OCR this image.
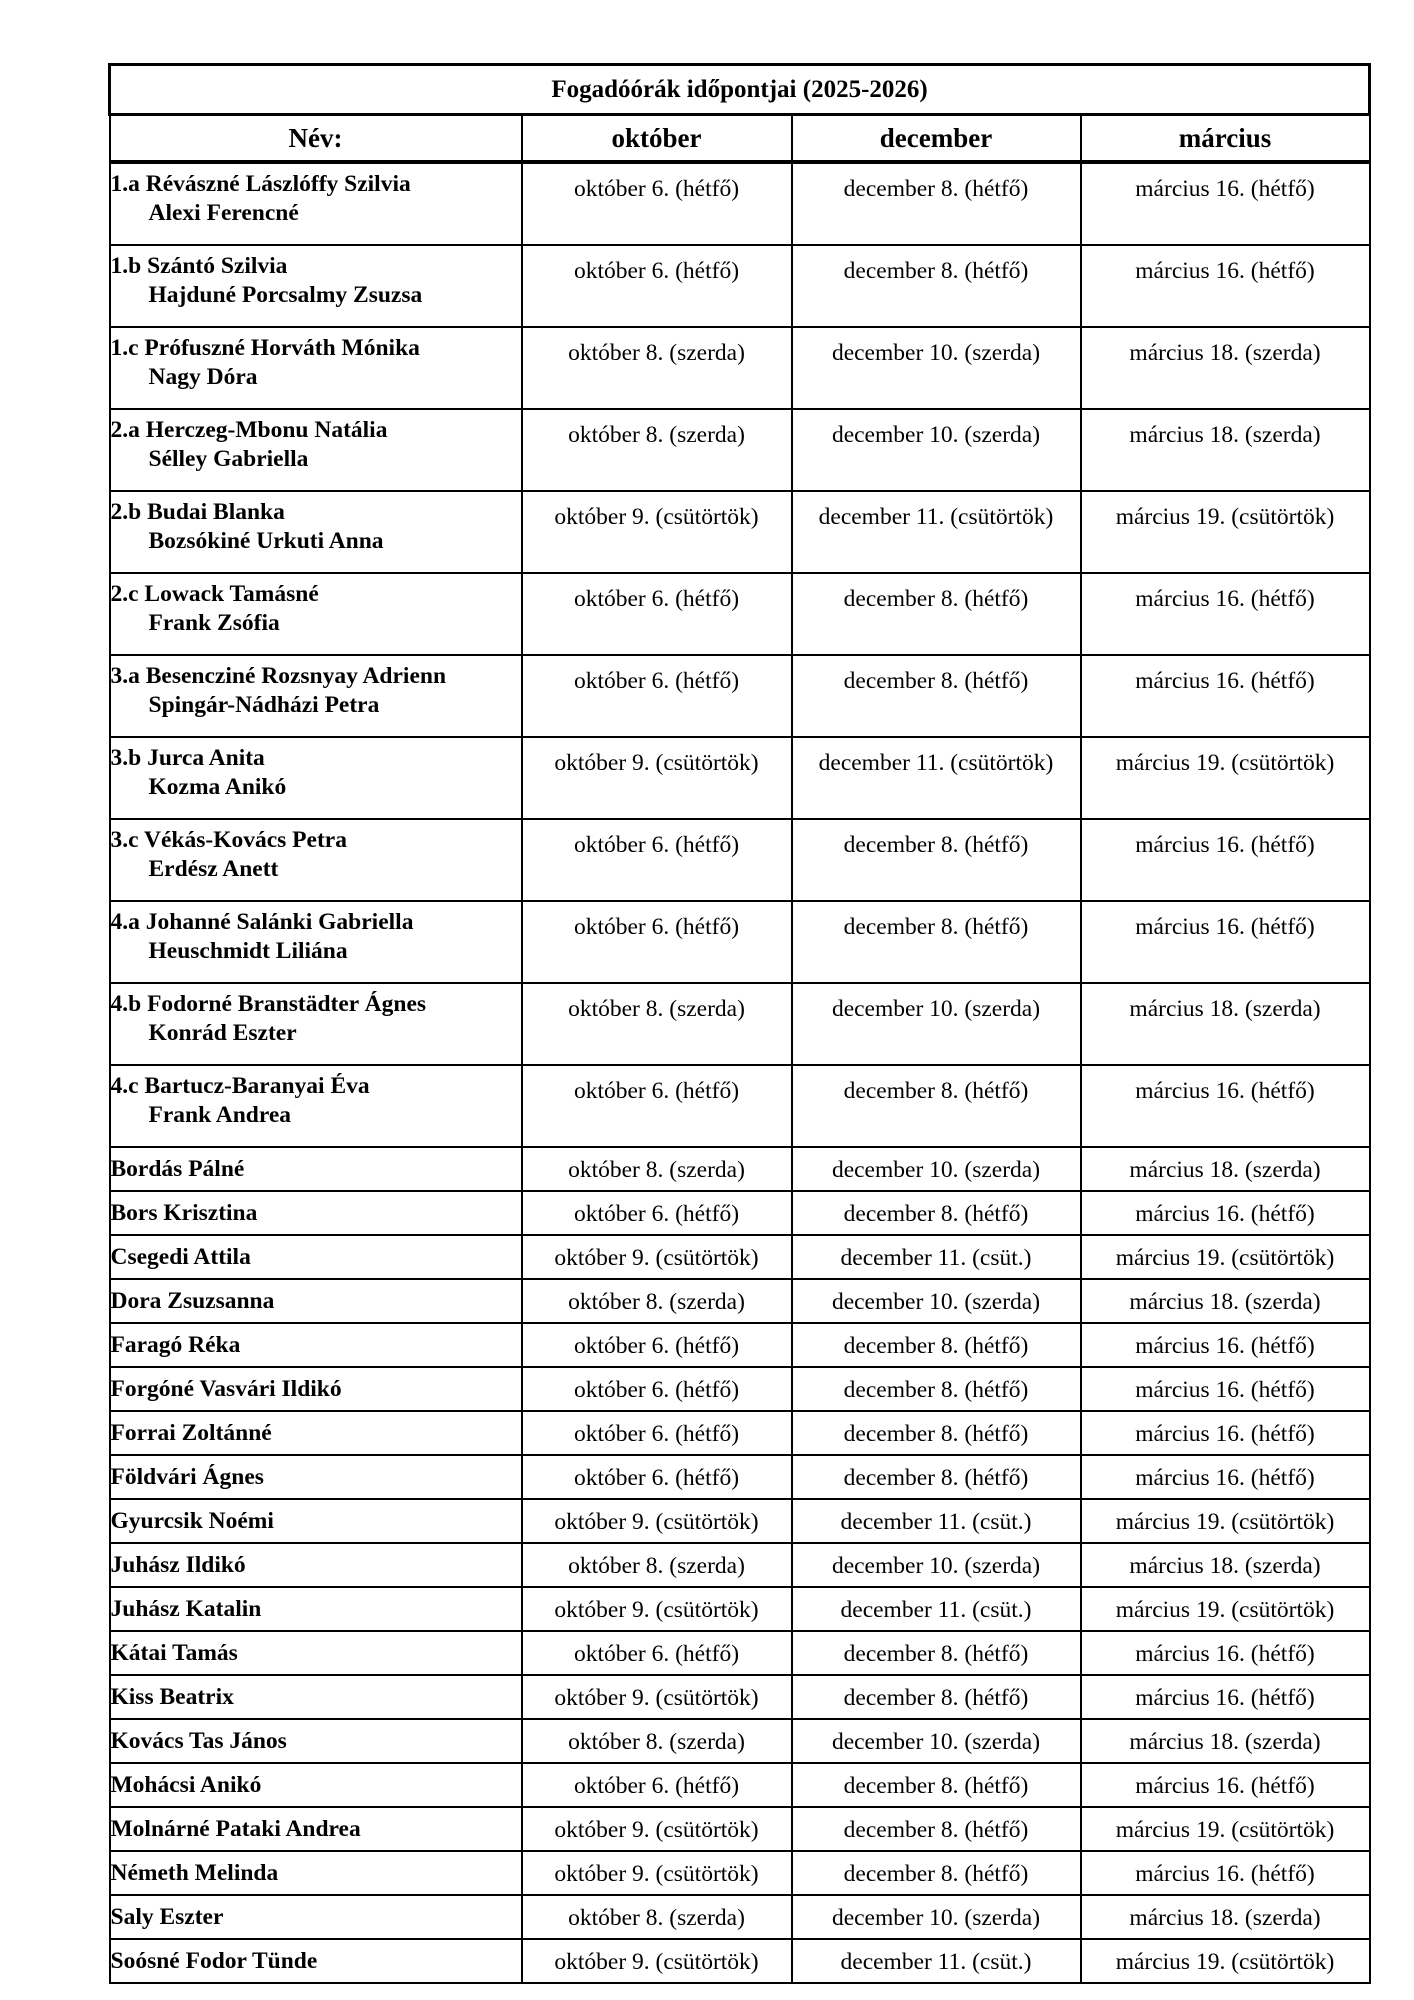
Fogadóórák időpontjai (2025-2026)			
Név:	október	december	március
1.a Révászné Lászlóffy Szilvia
Alexi Ferencné	október 6. (hétfő)	december 8. (hétfő)	március 16. (hétfő)
1.b Szántó Szilvia
Hajduné Porcsalmy Zsuzsa	október 6. (hétfő)	december 8. (hétfő)	március 16. (hétfő)
1.c Prófuszné Horváth Mónika
Nagy Dóra	október 8. (szerda)	december 10. (szerda)	március 18. (szerda)
2.a Herczeg-Mbonu Natália
Sélley Gabriella	október 8. (szerda)	december 10. (szerda)	március 18. (szerda)
2.b Budai Blanka
Bozsókiné Urkuti Anna	október 9. (csütörtök)	december 11. (csütörtök)	március 19. (csütörtök)
2.c Lowack Tamásné
Frank Zsófia	október 6. (hétfő)	december 8. (hétfő)	március 16. (hétfő)
3.a Besencziné Rozsnyay Adrienn
Spingár-Nádházi Petra	október 6. (hétfő)	december 8. (hétfő)	március 16. (hétfő)
3.b Jurca Anita
Kozma Anikó	október 9. (csütörtök)	december 11. (csütörtök)	március 19. (csütörtök)
3.c Vékás-Kovács Petra
Erdész Anett	október 6. (hétfő)	december 8. (hétfő)	március 16. (hétfő)
4.a Johanné Salánki Gabriella
Heuschmidt Liliána	október 6. (hétfő)	december 8. (hétfő)	március 16. (hétfő)
4.b Fodorné Branstädter Ágnes
Konrád Eszter	október 8. (szerda)	december 10. (szerda)	március 18. (szerda)
4.c Bartucz-Baranyai Éva
Frank Andrea	október 6. (hétfő)	december 8. (hétfő)	március 16. (hétfő)
Bordás Pálné	október 8. (szerda)	december 10. (szerda)	március 18. (szerda)
Bors Krisztina	október 6. (hétfő)	december 8. (hétfő)	március 16. (hétfő)
Csegedi Attila	október 9. (csütörtök)	december 11. (csüt.)	március 19. (csütörtök)
Dora Zsuzsanna	október 8. (szerda)	december 10. (szerda)	március 18. (szerda)
Faragó Réka	október 6. (hétfő)	december 8. (hétfő)	március 16. (hétfő)
Forgóné Vasvári Ildikó	október 6. (hétfő)	december 8. (hétfő)	március 16. (hétfő)
Forrai Zoltánné	október 6. (hétfő)	december 8. (hétfő)	március 16. (hétfő)
Földvári Ágnes	október 6. (hétfő)	december 8. (hétfő)	március 16. (hétfő)
Gyurcsik Noémi	október 9. (csütörtök)	december 11. (csüt.)	március 19. (csütörtök)
Juhász Ildikó	október 8. (szerda)	december 10. (szerda)	március 18. (szerda)
Juhász Katalin	október 9. (csütörtök)	december 11. (csüt.)	március 19. (csütörtök)
Kátai Tamás	október 6. (hétfő)	december 8. (hétfő)	március 16. (hétfő)
Kiss Beatrix	október 9. (csütörtök)	december 8. (hétfő)	március 16. (hétfő)
Kovács Tas János	október 8. (szerda)	december 10. (szerda)	március 18. (szerda)
Mohácsi Anikó	október 6. (hétfő)	december 8. (hétfő)	március 16. (hétfő)
Molnárné Pataki Andrea	október 9. (csütörtök)	december 8. (hétfő)	március 19. (csütörtök)
Németh Melinda	október 9. (csütörtök)	december 8. (hétfő)	március 16. (hétfő)
Saly Eszter	október 8. (szerda)	december 10. (szerda)	március 18. (szerda)
Soósné Fodor Tünde	október 9. (csütörtök)	december 11. (csüt.)	március 19. (csütörtök)
